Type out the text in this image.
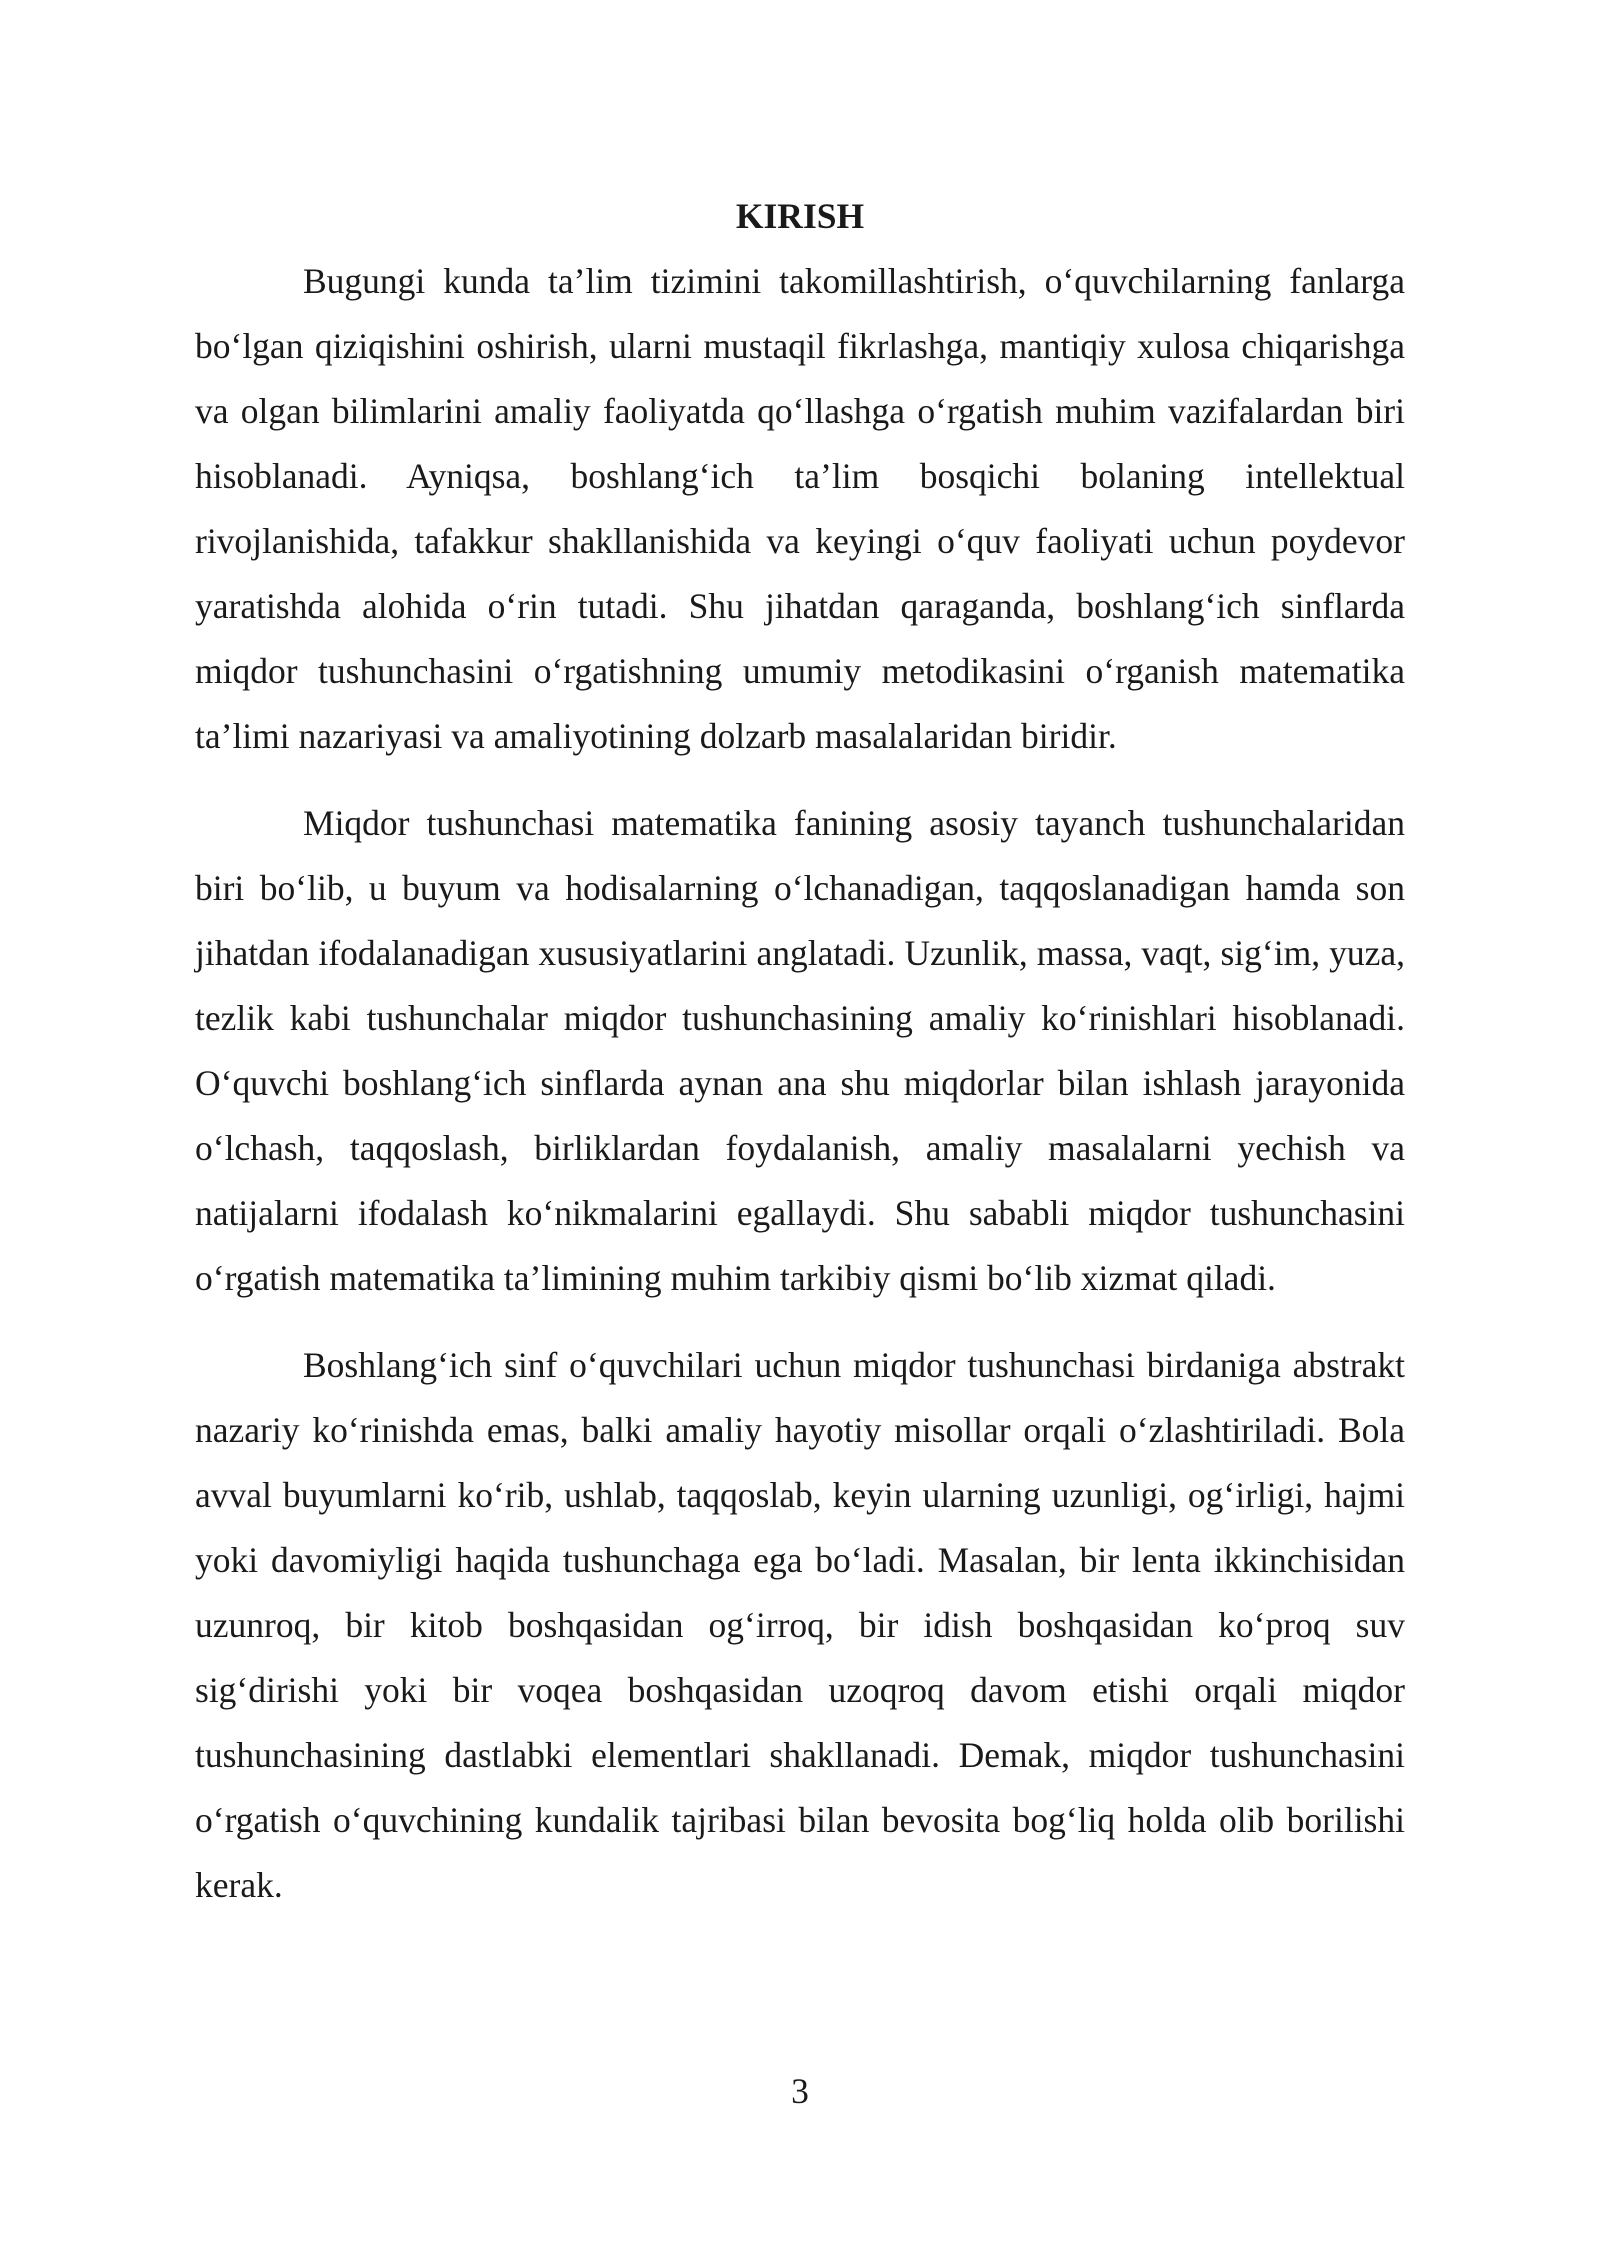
KIRISH

Bugungi kunda ta’lim tizimini takomillashtirish, o‘quvchilarning fanlarga bo‘lgan qiziqishini oshirish, ularni mustaqil fikrlashga, mantiqiy xulosa chiqarishga va olgan bilimlarini amaliy faoliyatda qo‘llashga o‘rgatish muhim vazifalardan biri hisoblanadi. Ayniqsa, boshlang‘ich ta’lim bosqichi bolaning intellektual rivojlanishida, tafakkur shakllanishida va keyingi o‘quv faoliyati uchun poydevor yaratishda alohida o‘rin tutadi. Shu jihatdan qaraganda, boshlang‘ich sinflarda miqdor tushunchasini o‘rgatishning umumiy metodikasini o‘rganish matematika ta’limi nazariyasi va amaliyotining dolzarb masalalaridan biridir.

Miqdor tushunchasi matematika fanining asosiy tayanch tushunchalaridan biri bo‘lib, u buyum va hodisalarning o‘lchanadigan, taqqoslanadigan hamda son jihatdan ifodalanadigan xususiyatlarini anglatadi. Uzunlik, massa, vaqt, sig‘im, yuza, tezlik kabi tushunchalar miqdor tushunchasining amaliy ko‘rinishlari hisoblanadi. O‘quvchi boshlang‘ich sinflarda aynan ana shu miqdorlar bilan ishlash jarayonida o‘lchash, taqqoslash, birliklardan foydalanish, amaliy masalalarni yechish va natijalarni ifodalash ko‘nikmalarini egallaydi. Shu sababli miqdor tushunchasini o‘rgatish matematika ta’limining muhim tarkibiy qismi bo‘lib xizmat qiladi.

Boshlang‘ich sinf o‘quvchilari uchun miqdor tushunchasi birdaniga abstrakt nazariy ko‘rinishda emas, balki amaliy hayotiy misollar orqali o‘zlashtiriladi. Bola avval buyumlarni ko‘rib, ushlab, taqqoslab, keyin ularning uzunligi, og‘irligi, hajmi yoki davomiyligi haqida tushunchaga ega bo‘ladi. Masalan, bir lenta ikkinchisidan uzunroq, bir kitob boshqasidan og‘irroq, bir idish boshqasidan ko‘proq suv sig‘dirishi yoki bir voqea boshqasidan uzoqroq davom etishi orqali miqdor tushunchasining dastlabki elementlari shakllanadi. Demak, miqdor tushunchasini o‘rgatish o‘quvchining kundalik tajribasi bilan bevosita bog‘liq holda olib borilishi kerak.

3
